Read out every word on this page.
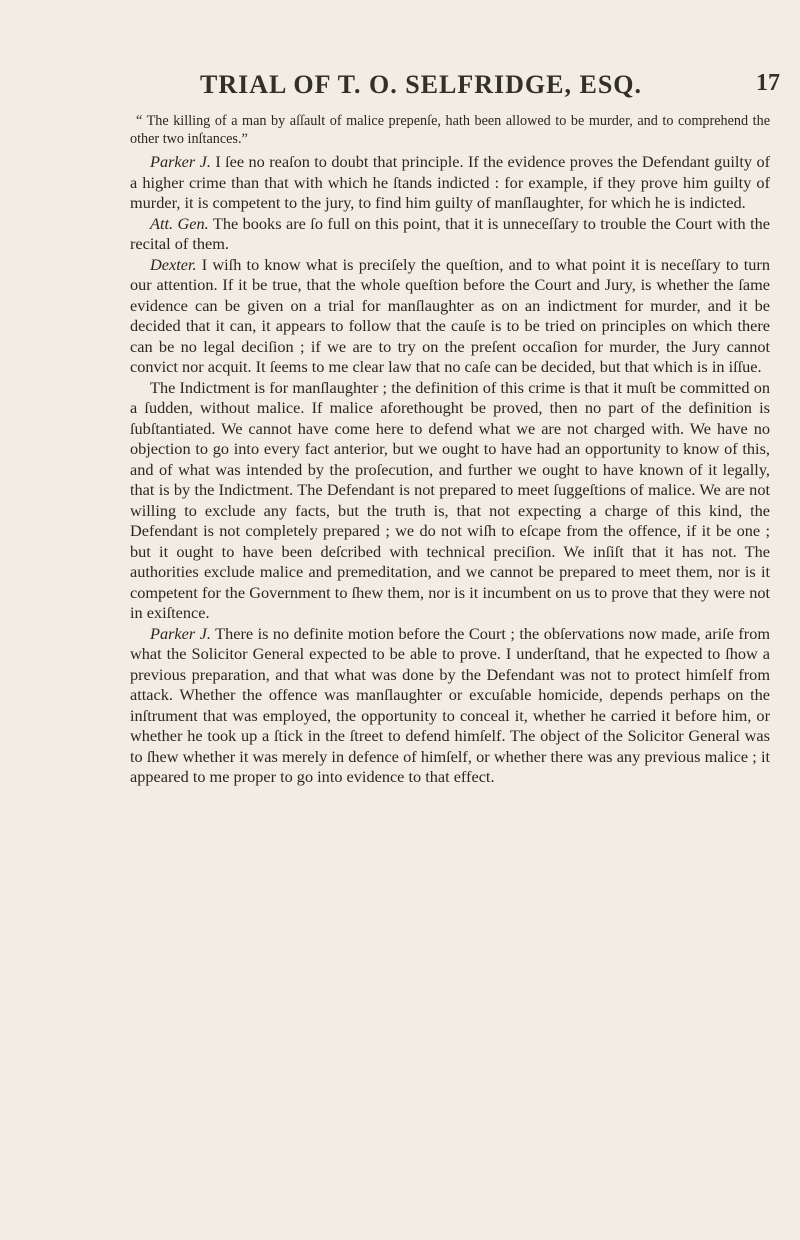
TRIAL OF T. O. SELFRIDGE, ESQ.	17

“ The killing of a man by aſſault of malice prepenſe, hath been allowed to be murder, and to comprehend the other two inſtances.”

Parker J. I ſee no reaſon to doubt that principle. If the evidence proves the Defendant guilty of a higher crime than that with which he ſtands indicted : for example, if they prove him guilty of murder, it is competent to the jury, to find him guilty of manſlaughter, for which he is indicted.

Att. Gen. The books are ſo full on this point, that it is unneceſſary to trouble the Court with the recital of them.

Dexter. I wiſh to know what is preciſely the queſtion, and to what point it is neceſſary to turn our attention. If it be true, that the whole queſtion before the Court and Jury, is whether the ſame evidence can be given on a trial for manſlaughter as on an indictment for murder, and it be decided that it can, it appears to follow that the cauſe is to be tried on principles on which there can be no legal deciſion ; if we are to try on the preſent occaſion for murder, the Jury cannot convict nor acquit. It ſeems to me clear law that no caſe can be decided, but that which is in iſſue.

The Indictment is for manſlaughter ; the definition of this crime is that it muſt be committed on a ſudden, without malice. If malice aforethought be proved, then no part of the definition is ſubſtantiated. We cannot have come here to defend what we are not charged with. We have no objection to go into every fact anterior, but we ought to have had an opportunity to know of this, and of what was intended by the proſecution, and further we ought to have known of it legally, that is by the Indictment. The Defendant is not prepared to meet ſuggeſtions of malice. We are not willing to exclude any facts, but the truth is, that not expecting a charge of this kind, the Defendant is not completely prepared ; we do not wiſh to eſcape from the offence, if it be one ; but it ought to have been deſcribed with technical preciſion. We inſiſt that it has not. The authorities exclude malice and premeditation, and we cannot be prepared to meet them, nor is it competent for the Government to ſhew them, nor is it incumbent on us to prove that they were not in exiſtence.

Parker J. There is no definite motion before the Court ; the obſervations now made, ariſe from what the Solicitor General expected to be able to prove. I underſtand, that he expected to ſhow a previous preparation, and that what was done by the Defendant was not to protect himſelf from attack. Whether the offence was manſlaughter or excuſable homicide, depends perhaps on the inſtrument that was employed, the opportunity to conceal it, whether he carried it before him, or whether he took up a ſtick in the ſtreet to defend himſelf. The object of the Solicitor General was to ſhew whether it was merely in defence of himſelf, or whether there was any previous malice ; it appeared to me proper to go into evidence to that effect.
